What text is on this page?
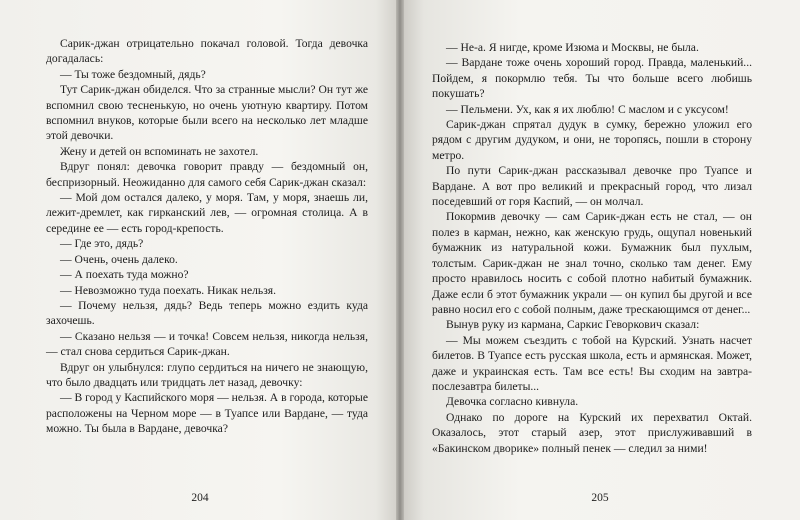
Сарик-джан отрицательно покачал головой. Тогда девочка догадалась:

— Ты тоже бездомный, дядь?

Тут Сарик-джан обиделся. Что за странные мысли? Он тут же вспомнил свою тесненькую, но очень уютную квартиру. Потом вспомнил внуков, которые были всего на несколько лет младше этой девочки.

Жену и детей он вспоминать не захотел.

Вдруг понял: девочка говорит правду — бездомный он, беспризорный. Неожиданно для самого себя Сарик-джан сказал:

— Мой дом остался далеко, у моря. Там, у моря, знаешь ли, лежит-дремлет, как гирканский лев, — огромная столица. А в середине ее — есть город-крепость.

— Где это, дядь?

— Очень, очень далеко.

— А поехать туда можно?

— Невозможно туда поехать. Никак нельзя.

— Почему нельзя, дядь? Ведь теперь можно ездить куда захочешь.

— Сказано нельзя — и точка! Совсем нельзя, никогда нельзя, — стал снова сердиться Сарик-джан.

Вдруг он улыбнулся: глупо сердиться на ничего не знающую, что было двадцать или тридцать лет назад, девочку:

— В город у Каспийского моря — нельзя. А в города, которые расположены на Черном море — в Туапсе или Вардане, — туда можно. Ты была в Вардане, девочка?

204

— Не-а. Я нигде, кроме Изюма и Москвы, не была.

— Вардане тоже очень хороший город. Правда, маленький... Пойдем, я покормлю тебя. Ты что больше всего любишь покушать?

— Пельмени. Ух, как я их люблю! С маслом и с уксусом!

Сарик-джан спрятал дудук в сумку, бережно уложил его рядом с другим дудуком, и они, не торопясь, пошли в сторону метро.

По пути Сарик-джан рассказывал девочке про Туапсе и Вардане. А вот про великий и прекрасный город, что лизал поседевший от горя Каспий, — он молчал.

Покормив девочку — сам Сарик-джан есть не стал, — он полез в карман, нежно, как женскую грудь, ощупал новенький бумажник из натуральной кожи. Бумажник был пухлым, толстым. Сарик-джан не знал точно, сколько там денег. Ему просто нравилось носить с собой плотно набитый бумажник. Даже если б этот бумажник украли — он купил бы другой и все равно носил его с собой полным, даже трескающимся от денег...

Вынув руку из кармана, Саркис Геворкович сказал:

— Мы можем съездить с тобой на Курский. Узнать насчет билетов. В Туапсе есть русская школа, есть и армянская. Может, даже и украинская есть. Там все есть! Вы сходим на завтра-послезавтра билеты...

Девочка согласно кивнула.

Однако по дороге на Курский их перехватил Октай. Оказалось, этот старый азер, этот прислуживавший в «Бакинском дворике» полный пенек — следил за ними!

205
